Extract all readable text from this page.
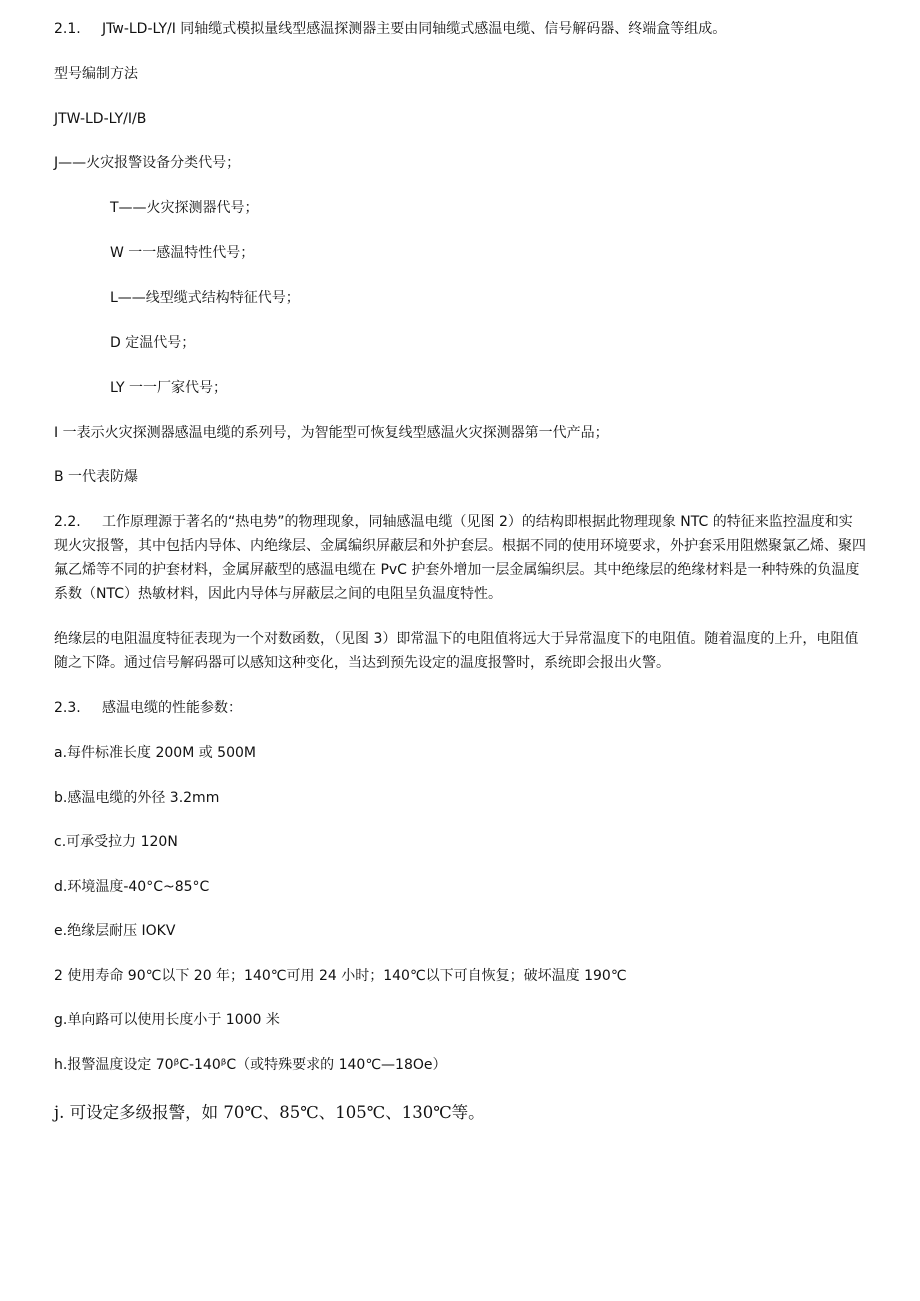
2.1. JTw-LD-LY/I 同轴缆式模拟量线型感温探测器主要由同轴缆式感温电缆、信号解码器、终端盒等组成。
型号编制方法
JTW-LD-LY/I/B
J——火灾报警设备分类代号；
T——火灾探测器代号；
W 一一感温特性代号；
L——线型缆式结构特征代号；
D 定温代号；
LY 一一厂家代号；
I 一表示火灾探测器感温电缆的系列号，为智能型可恢复线型感温火灾探测器第一代产品；
B 一代表防爆
2.2. 工作原理源于著名的“热电势”的物理现象，同轴感温电缆（见图 2）的结构即根据此物理现象 NTC 的特征来监控温度和实现火灾报警，其中包括内导体、内绝缘层、金属编织屏蔽层和外护套层。根据不同的使用环境要求，外护套采用阻燃聚氯乙烯、聚四氟乙烯等不同的护套材料，金属屏蔽型的感温电缆在 PvC 护套外增加一层金属编织层。其中绝缘层的绝缘材料是一种特殊的负温度系数（NTC）热敏材料，因此内导体与屏蔽层之间的电阻呈负温度特性。
绝缘层的电阻温度特征表现为一个对数函数，（见图 3）即常温下的电阻值将远大于异常温度下的电阻值。随着温度的上升，电阻值随之下降。通过信号解码器可以感知这种变化，当达到预先设定的温度报警时，系统即会报出火警。
2.3. 感温电缆的性能参数：
a.每件标准长度 200M 或 500M
b.感温电缆的外径 3.2mm
c.可承受拉力 120N
d.环境温度-40°C~85°C
e.绝缘层耐压 IOKV
2 使用寿命 90℃以下 20 年；140℃可用 24 小时；140℃以下可自恢复；破坏温度 190℃
g.单向路可以使用长度小于 1000 米
h.报警温度设定 70ᵝC-140ᵝC（或特殊要求的 140℃—18Oe）
j. 可设定多级报警，如 70℃、85℃、105℃、130℃等。
